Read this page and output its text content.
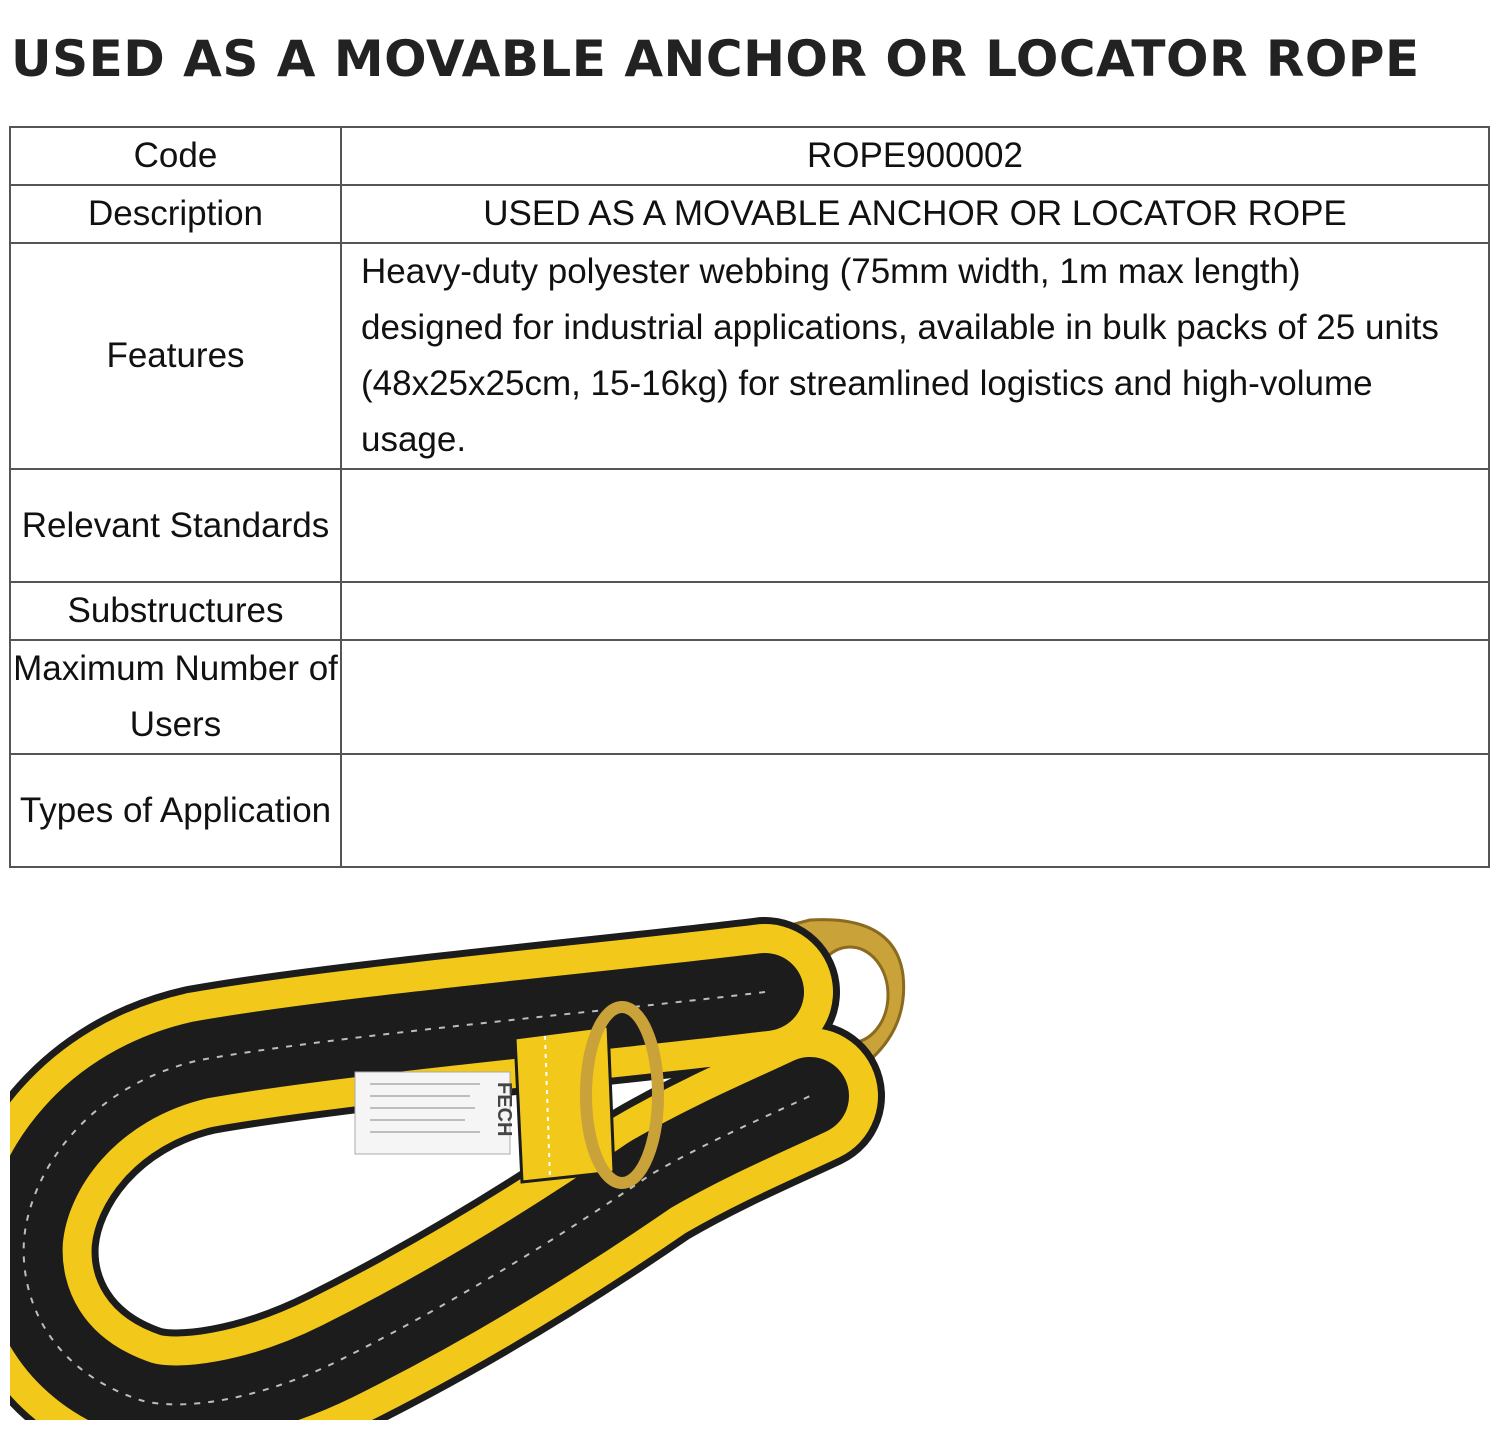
USED AS A MOVABLE ANCHOR OR LOCATOR ROPE
Code	ROPE900002
Description	USED AS A MOVABLE ANCHOR OR LOCATOR ROPE
Features	Heavy-duty polyester webbing (75mm width, 1m max length) designed for industrial applications, available in bulk packs of 25 units (48x25x25cm, 15-16kg) for streamlined logistics and high-volume usage.
Relevant Standards	
Substructures	
Maximum Number of Users	
Types of Application	
FECH
